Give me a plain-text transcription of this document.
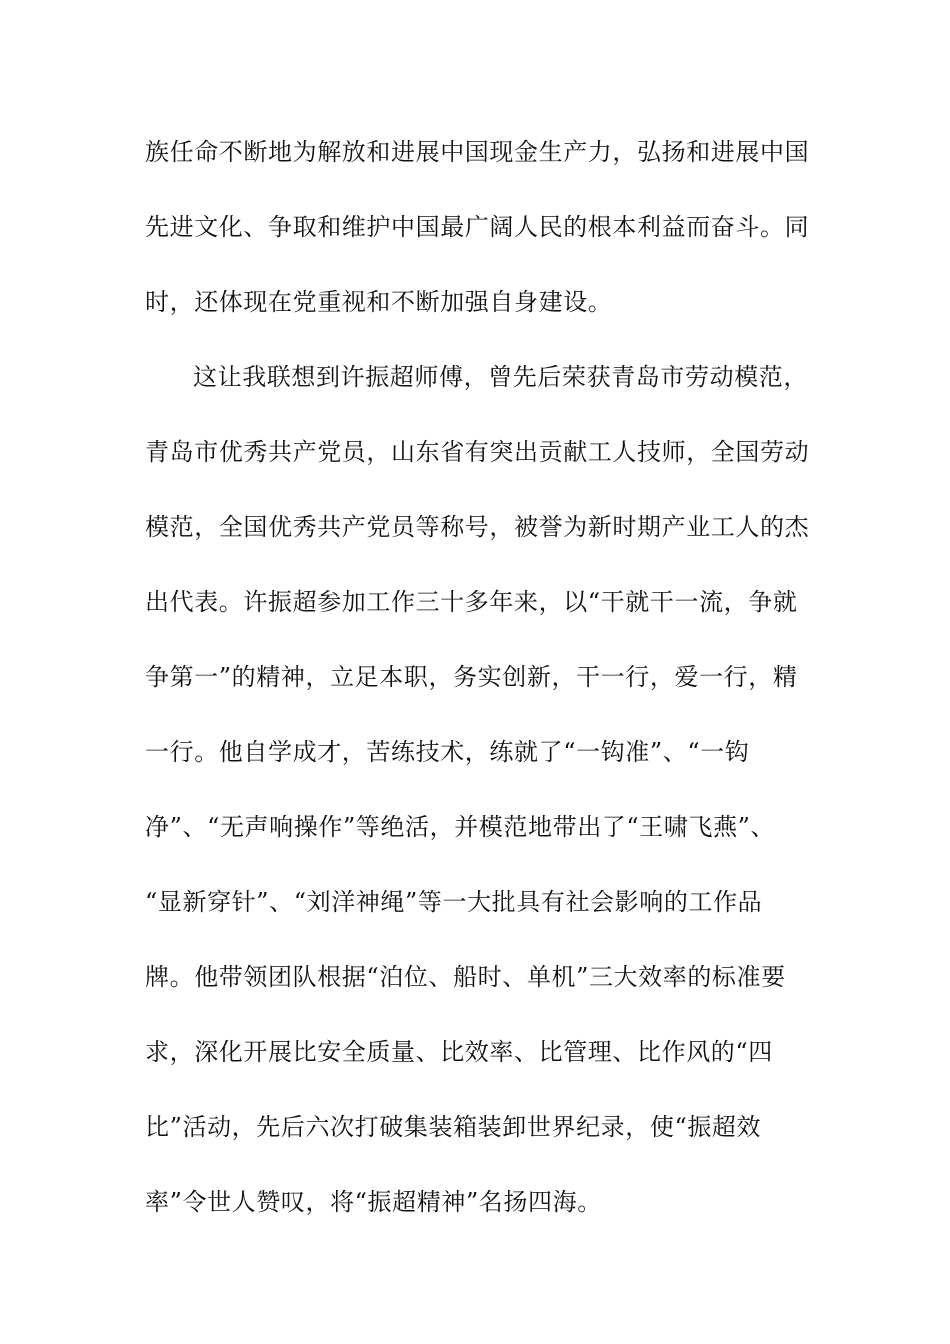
族任命不断地为解放和进展中国现金生产力，弘扬和进展中国

先进文化、争取和维护中国最广阔人民的根本利益而奋斗。同

时，还体现在党重视和不断加强自身建设。

这让我联想到许振超师傅，曾先后荣获青岛市劳动模范，

青岛市优秀共产党员，山东省有突出贡献工人技师，全国劳动

模范，全国优秀共产党员等称号，被誉为新时期产业工人的杰

出代表。许振超参加工作三十多年来，以“干就干一流，争就

争第一”的精神，立足本职，务实创新，干一行，爱一行，精

一行。他自学成才，苦练技术，练就了“一钩准”、“一钩

净”、“无声响操作”等绝活，并模范地带出了“王啸飞燕”、

“显新穿针”、“刘洋神绳”等一大批具有社会影响的工作品

牌。他带领团队根据“泊位、船时、单机”三大效率的标准要

求，深化开展比安全质量、比效率、比管理、比作风的“四

比”活动，先后六次打破集装箱装卸世界纪录，使“振超效

率”令世人赞叹，将“振超精神”名扬四海。
